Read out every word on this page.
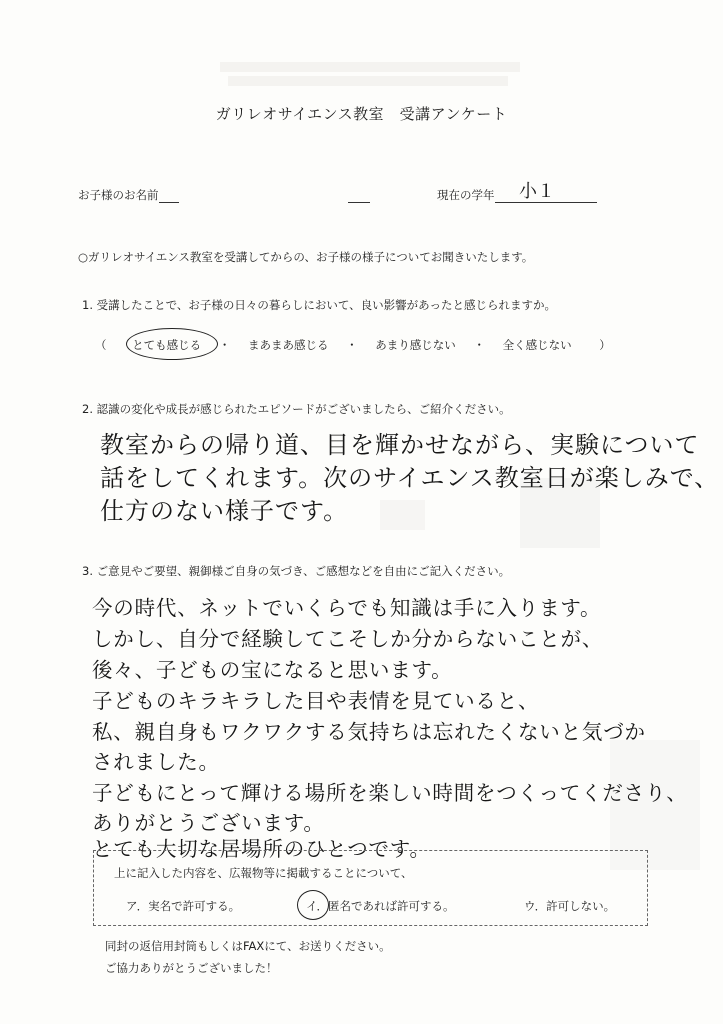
ガリレオサイエンス教室　受講アンケート
お子様のお名前	現在の学年	小１
○ガリレオサイエンス教室を受講してからの、お子様の様子についてお聞きいたします。
1. 受講したことで、お子様の日々の暮らしにおいて、良い影響があったと感じられますか。
（ とても感じる ・ まあまあ感じる ・ あまり感じない ・ 全く感じない ）
2. 認識の変化や成長が感じられたエピソードがございましたら、ご紹介ください。
教室からの帰り道、目を輝かせながら、実験について
話をしてくれます。次のサイエンス教室日が楽しみで、
仕方のない様子です。
3. ご意見やご要望、親御様ご自身の気づき、ご感想などを自由にご記入ください。
今の時代、ネットでいくらでも知識は手に入ります。
しかし、自分で経験してこそしか分からないことが、
後々、子どもの宝になると思います。
子どものキラキラした目や表情を見ていると、
私、親自身もワクワクする気持ちは忘れたくないと気づか
されました。
子どもにとって輝ける場所を楽しい時間をつくってくださり、
ありがとうございます。
とても大切な居場所のひとつです。
上に記入した内容を、広報物等に掲載することについて、
ア．実名で許可する。	イ．匿名であれば許可する。	ウ．許可しない。
同封の返信用封筒もしくはFAXにて、お送りください。
ご協力ありがとうございました！
